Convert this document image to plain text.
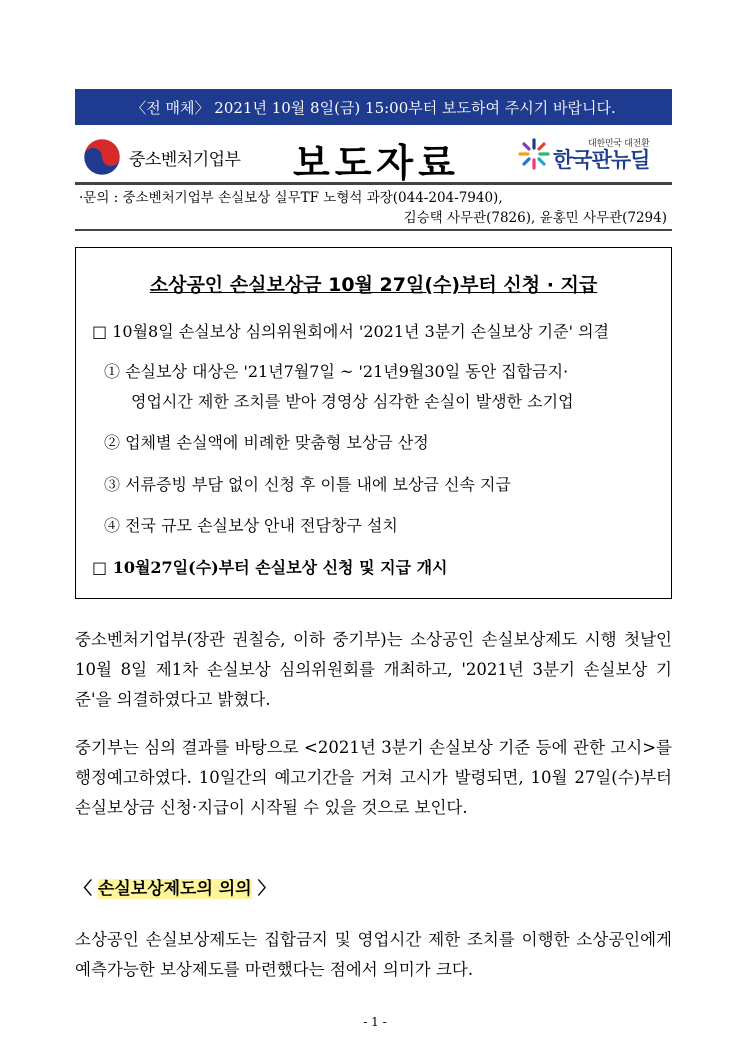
〈전 매체〉 2021년 10월 8일(금) 15:00부터 보도하여 주시기 바랍니다.
중소벤처기업부 보도자료	대한민국 대전환
한국판뉴딜
·문의 : 중소벤처기업부 손실보상 실무TF 노형석 과장(044-204-7940),
김승택 사무관(7826), 윤홍민 사무관(7294)
소상공인 손실보상금 10월 27일(수)부터 신청 · 지급
□ 10월8일 손실보상 심의위원회에서 '2021년 3분기 손실보상 기준' 의결
① 손실보상 대상은 '21년7월7일 ~ '21년9월30일 동안 집합금지·
영업시간 제한 조치를 받아 경영상 심각한 손실이 발생한 소기업
② 업체별 손실액에 비례한 맞춤형 보상금 산정
③ 서류증빙 부담 없이 신청 후 이틀 내에 보상금 신속 지급
④ 전국 규모 손실보상 안내 전담창구 설치
□ 10월27일(수)부터 손실보상 신청 및 지급 개시
중소벤처기업부(장관 권칠승, 이하 중기부)는 소상공인 손실보상제도 시행 첫날인 10월 8일 제1차 손실보상 심의위원회를 개최하고, '2021년 3분기 손실보상 기준'을 의결하였다고 밝혔다.
중기부는 심의 결과를 바탕으로 <2021년 3분기 손실보상 기준 등에 관한 고시>를 행정예고하였다. 10일간의 예고기간을 거쳐 고시가 발령되면, 10월 27일(수)부터 손실보상금 신청·지급이 시작될 수 있을 것으로 보인다.
〈 손실보상제도의 의의 〉
소상공인 손실보상제도는 집합금지 및 영업시간 제한 조치를 이행한 소상공인에게 예측가능한 보상제도를 마련했다는 점에서 의미가 크다.
- 1 -
